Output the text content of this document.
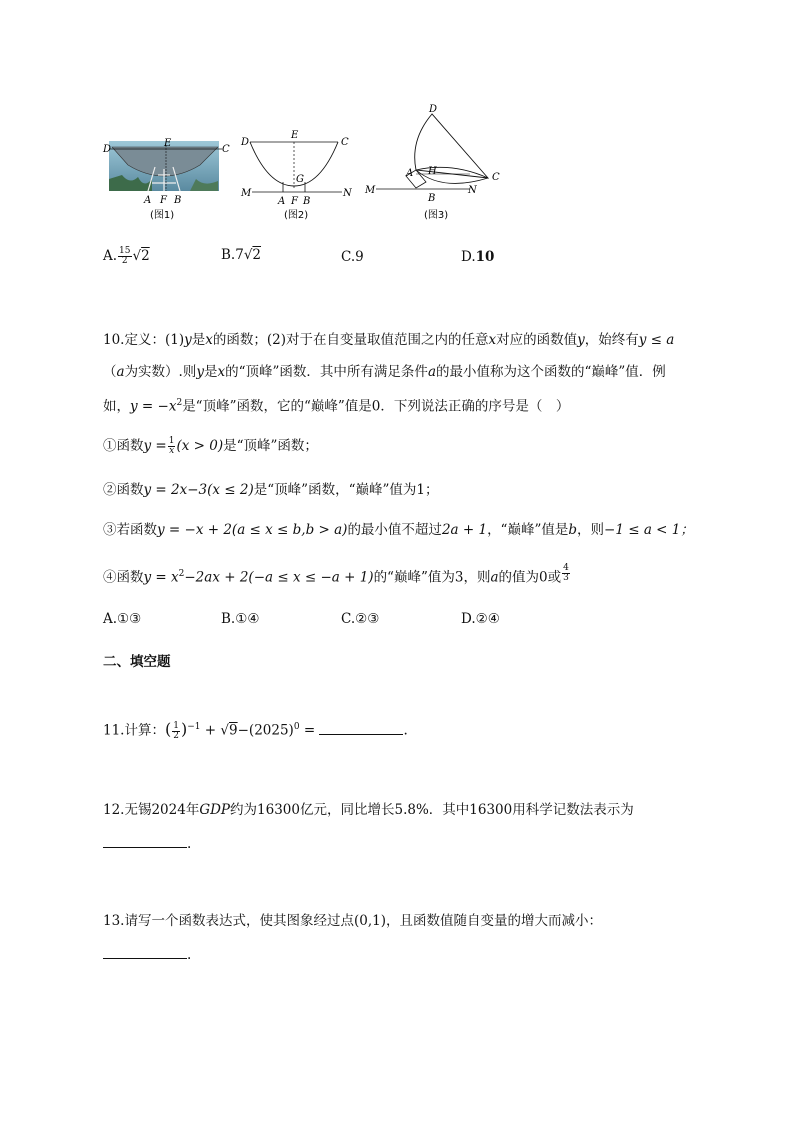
D
E
C
A F B
(图1)
D
E
C
G
M
A F B
N
(图2)
D
A H
C
M	N
B
(图3)
A. $\frac{15}{2} √2$	B.7√2	C.9	D.10
10.定义：(1)y是x的函数；(2)对于在自变量取值范围之内的任意x对应的函数值y，始终有y ≤ a
（a为实数）.则y是x的“顶峰”函数．其中所有满足条件a的最小值称为这个函数的“巅峰”值．例
如，$y = -x^2$是“顶峰”函数，它的“巅峰”值是0．下列说法正确的序号是（　）
①函数$y = \frac{1}{x} (x > 0)$是“顶峰”函数；
②函数y = 2x−3(x ≤ 2)是“顶峰”函数，“巅峰”值为1；
③若函数y = −x + 2(a ≤ x ≤ b,b > a)的最小值不超过2a + 1，“巅峰”值是b，则−1 ≤ a < 1；
④函数$y = x^2-2ax + 2(-a \le x \le -a + 1)$的“巅峰”值为3，则a的值为0或 $\frac{4}{3}$
A.①③	B.①④	C.②③	D.②④
二、填空题
11.计算：( $\frac{1}{2} )^{-1} + √9-(2025)^0$ =	.
12.无锡2024年GDP约为16300亿元，同比增长5.8%．其中16300用科学记数法表示为
.
13.请写一个函数表达式，使其图象经过点(0,1)，且函数值随自变量的增大而减小：
.
